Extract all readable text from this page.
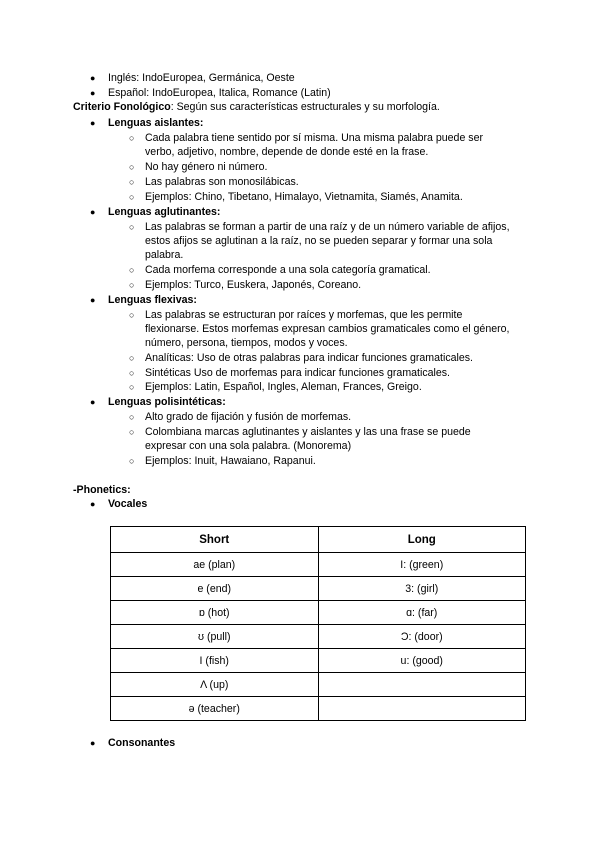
● Inglés: IndoEuropea, Germánica, Oeste
● Español: IndoEuropea, Italica, Romance (Latin)
Criterio Fonológico: Según sus características estructurales y su morfología.
● Lenguas aislantes:
○ Cada palabra tiene sentido por sí misma. Una misma palabra puede ser
verbo, adjetivo, nombre, depende de donde esté en la frase.
○ No hay género ni número.
○ Las palabras son monosilábicas.
○ Ejemplos: Chino, Tibetano, Himalayo, Vietnamita, Siamés, Anamita.
● Lenguas aglutinantes:
○ Las palabras se forman a partir de una raíz y de un número variable de afijos,
estos afijos se aglutinan a la raíz, no se pueden separar y formar una sola
palabra.
○ Cada morfema corresponde a una sola categoría gramatical.
○ Ejemplos: Turco, Euskera, Japonés, Coreano.
● Lenguas flexivas:
○ Las palabras se estructuran por raíces y morfemas, que les permite
flexionarse. Estos morfemas expresan cambios gramaticales como el género,
número, persona, tiempos, modos y voces.
○ Analíticas: Uso de otras palabras para indicar funciones gramaticales.
○ Sintéticas Uso de morfemas para indicar funciones gramaticales.
○ Ejemplos: Latin, Español, Ingles, Aleman, Frances, Greigo.
● Lenguas polisintéticas:
○ Alto grado de fijación y fusión de morfemas.
○ Colombiana marcas aglutinantes y aislantes y las una frase se puede
expresar con una sola palabra. (Monorema)
○ Ejemplos: Inuit, Hawaiano, Rapanui.
-Phonetics:
● Vocales
Short	Long
ae (plan)	I: (green)
e (end)	3: (girl)
ɒ (hot)	ɑ: (far)
ʊ (pull)	Ɔ: (door)
I (fish)	u: (good)
Λ (up)	
ə (teacher)	
● Consonantes
